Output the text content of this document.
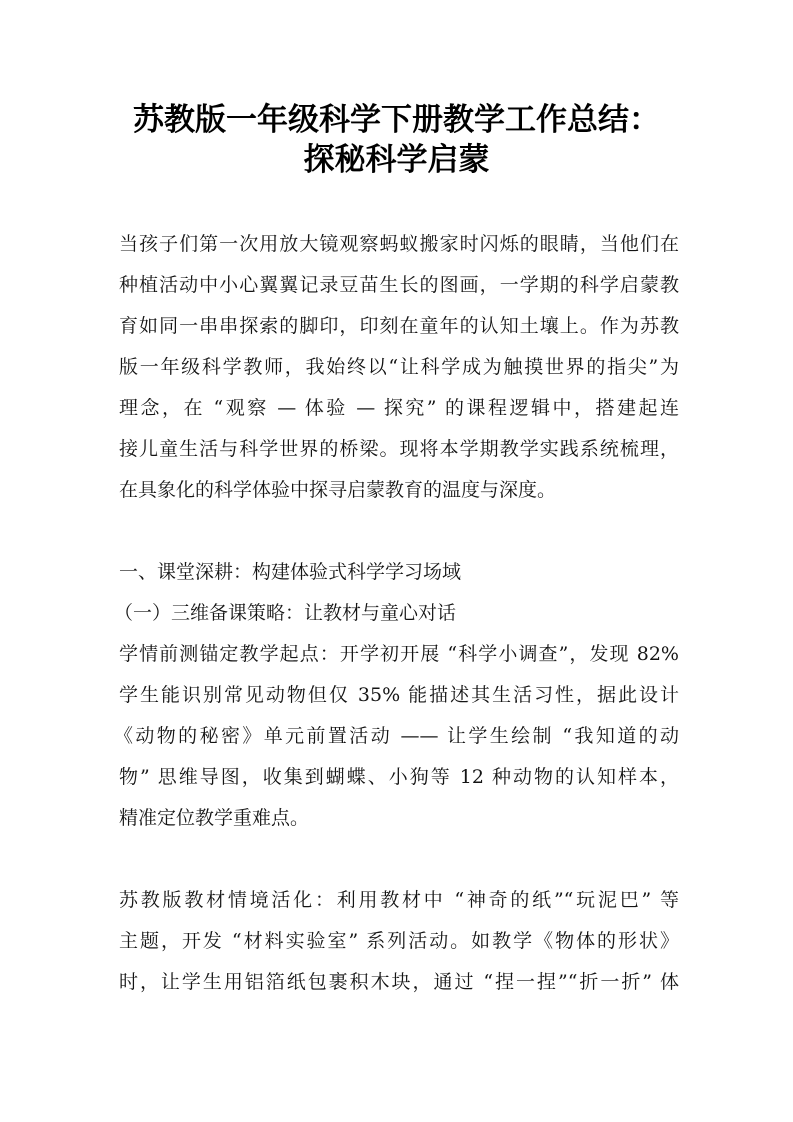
苏教版一年级科学下册教学工作总结：
探秘科学启蒙
当孩子们第一次用放大镜观察蚂蚁搬家时闪烁的眼睛，当他们在
种植活动中小心翼翼记录豆苗生长的图画，一学期的科学启蒙教
育如同一串串探索的脚印，印刻在童年的认知土壤上。作为苏教
版一年级科学教师，我始终以“让科学成为触摸世界的指尖”为
理念，在 “观察 — 体验 — 探究” 的课程逻辑中，搭建起连
接儿童生活与科学世界的桥梁。现将本学期教学实践系统梳理，
在具象化的科学体验中探寻启蒙教育的温度与深度。
一、课堂深耕：构建体验式科学学习场域
（一）三维备课策略：让教材与童心对话
学情前测锚定教学起点：开学初开展 “科学小调查”，发现 82%
学生能识别常见动物但仅 35% 能描述其生活习性，据此设计
《动物的秘密》单元前置活动 —— 让学生绘制 “我知道的动
物” 思维导图，收集到蝴蝶、小狗等 12 种动物的认知样本，
精准定位教学重难点。
苏教版教材情境活化：利用教材中 “神奇的纸”“玩泥巴” 等
主题，开发 “材料实验室” 系列活动。如教学《物体的形状》
时，让学生用铝箔纸包裹积木块，通过 “捏一捏”“折一折” 体
